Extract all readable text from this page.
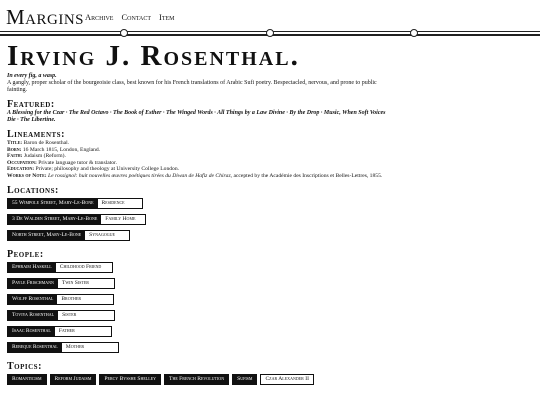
Margins Archive Contact Item
Irving J. Rosenthal.

In every fig, a wasp.

A gangly, proper scholar of the bourgeoisie class, best known for his French translations of Arabic Sufi poetry. Bespectacled, nervous, and prone to public fainting.

Featured:

A Blessing for the Czar · The Red Octavo · The Book of Esther · The Winged Words · All Things by a Law Divine · By the Drop · Music, When Soft Voices Die · The Libertine.

Lineaments:
Title: Baron de Rosenthal.
Born: 16 March 1815, London, England.
Faith: Judaism (Reform).
Occupation: Private language tutor & translator.
Education: Private; philosophy and theology at University College London.
Works of Note: Le rossignol: huit nouvelles œuvres poétiques tirées du Diwan de Hafiz de Chiraz, accepted by the Académie des Inscriptions et Belles-Lettres, 1855.
Locations:
55 Wimpole Street, Mary-Le-Bone	Residence
3 De Walden Street, Mary-Le-Bone	Family Home
North Street, Mary-Le-Bone	Synagogue
People:
Ephraim Haskell	Childhood Friend
Payle Frischmann	Twin Sister
Wolff Rosenthal	Brother
Toviya Rosenthal	Sister
Isaac Rosenthal	Father
Rebeque Rosenthal	Mother
Topics:
Romanticism	Reform Judaism	Percy Bysshe Shelley	The French Revolution	Sufism	Czar Alexander II
